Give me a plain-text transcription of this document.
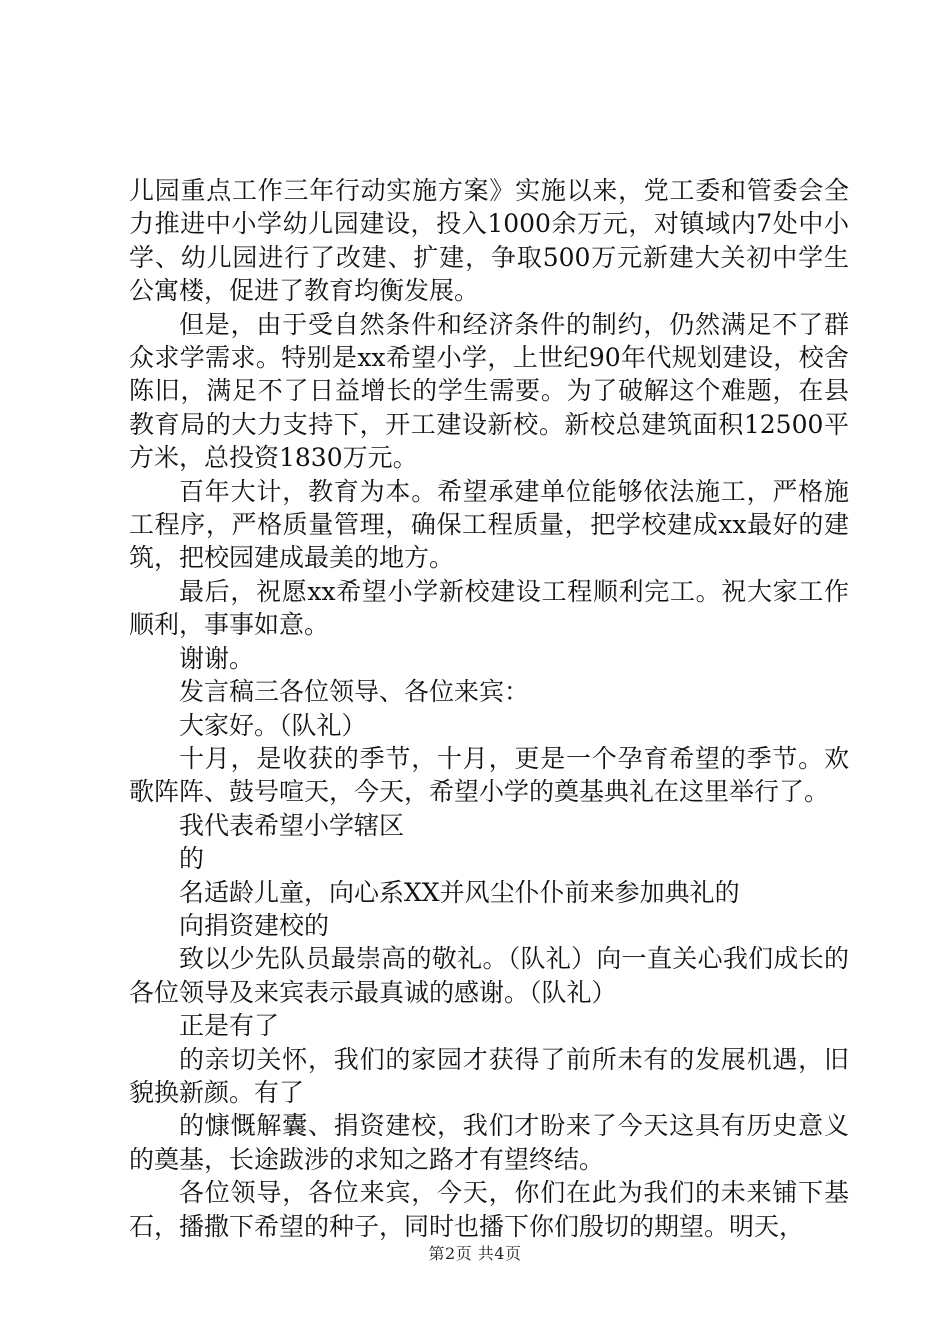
儿园重点工作三年行动实施方案》实施以来，党工委和管委会全力推进中小学幼儿园建设，投入1000余万元，对镇域内7处中小学、幼儿园进行了改建、扩建，争取500万元新建大关初中学生公寓楼，促进了教育均衡发展。

但是，由于受自然条件和经济条件的制约，仍然满足不了群众求学需求。特别是xx希望小学，上世纪90年代规划建设，校舍陈旧，满足不了日益增长的学生需要。为了破解这个难题，在县教育局的大力支持下，开工建设新校。新校总建筑面积12500平方米，总投资1830万元。

百年大计，教育为本。希望承建单位能够依法施工，严格施工程序，严格质量管理，确保工程质量，把学校建成xx最好的建筑，把校园建成最美的地方。

最后，祝愿xx希望小学新校建设工程顺利完工。祝大家工作顺利，事事如意。

谢谢。

发言稿三各位领导、各位来宾：

大家好。（队礼）

十月，是收获的季节，十月，更是一个孕育希望的季节。欢歌阵阵、鼓号喧天，今天，希望小学的奠基典礼在这里举行了。

我代表希望小学辖区

的

名适龄儿童，向心系XX并风尘仆仆前来参加典礼的

向捐资建校的

致以少先队员最崇高的敬礼。（队礼）向一直关心我们成长的各位领导及来宾表示最真诚的感谢。（队礼）

正是有了

的亲切关怀，我们的家园才获得了前所未有的发展机遇，旧貌换新颜。有了

的慷慨解囊、捐资建校，我们才盼来了今天这具有历史意义的奠基，长途跋涉的求知之路才有望终结。

各位领导，各位来宾，今天，你们在此为我们的未来铺下基石，播撒下希望的种子，同时也播下你们殷切的期望。明天，

第2页 共4页
